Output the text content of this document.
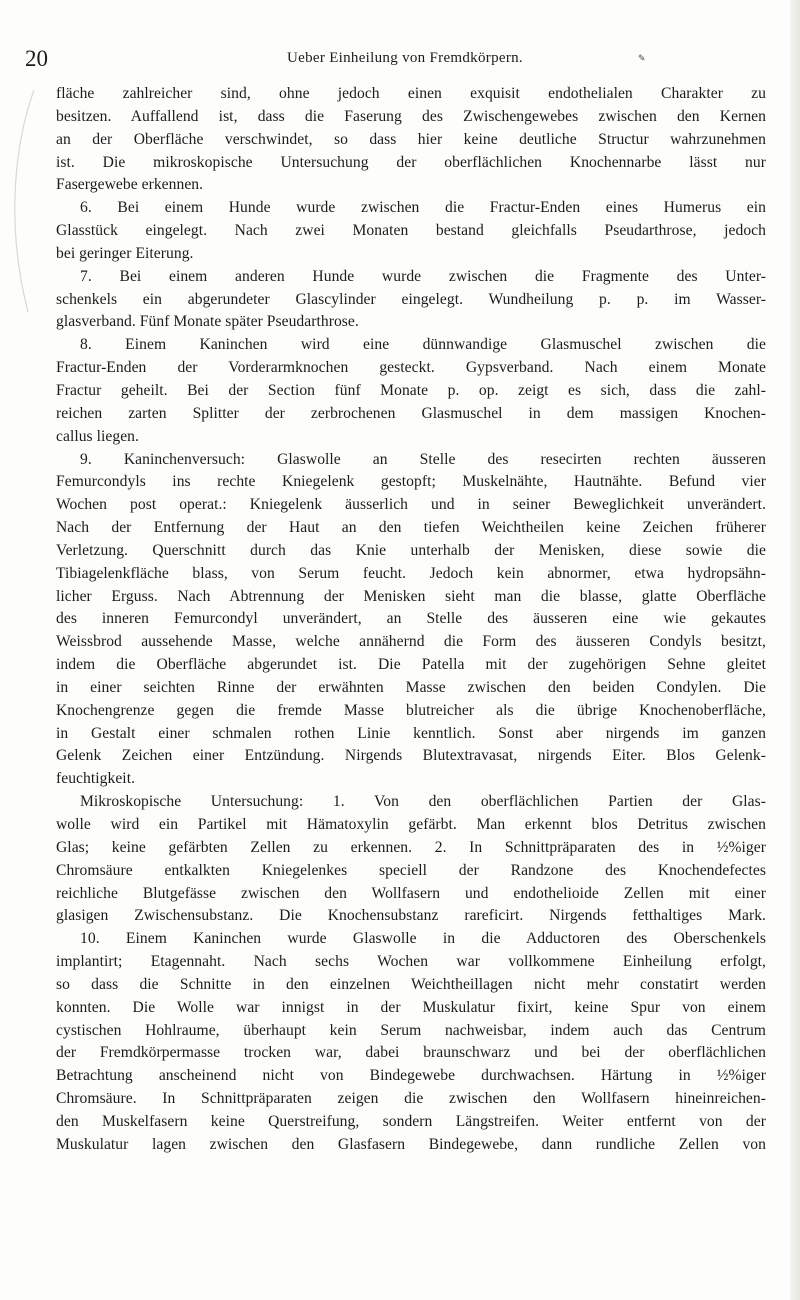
20	Ueber Einheilung von Fremdkörpern.	✎
fläche zahlreicher sind, ohne jedoch einen exquisit endothelialen Charakter zu
besitzen. Auffallend ist, dass die Faserung des Zwischengewebes zwischen den Kernen
an der Oberfläche verschwindet, so dass hier keine deutliche Structur wahrzunehmen
ist. Die mikroskopische Untersuchung der oberflächlichen Knochennarbe lässt nur
Fasergewebe erkennen.
6. Bei einem Hunde wurde zwischen die Fractur-Enden eines Humerus ein
Glasstück eingelegt. Nach zwei Monaten bestand gleichfalls Pseudarthrose, jedoch
bei geringer Eiterung.
7. Bei einem anderen Hunde wurde zwischen die Fragmente des Unter-
schenkels ein abgerundeter Glascylinder eingelegt. Wundheilung p. p. im Wasser-
glasverband. Fünf Monate später Pseudarthrose.
8. Einem Kaninchen wird eine dünnwandige Glasmuschel zwischen die
Fractur-Enden der Vorderarmknochen gesteckt. Gypsverband. Nach einem Monate
Fractur geheilt. Bei der Section fünf Monate p. op. zeigt es sich, dass die zahl-
reichen zarten Splitter der zerbrochenen Glasmuschel in dem massigen Knochen-
callus liegen.
9. Kaninchenversuch: Glaswolle an Stelle des resecirten rechten äusseren
Femurcondyls ins rechte Kniegelenk gestopft; Muskelnähte, Hautnähte. Befund vier
Wochen post operat.: Kniegelenk äusserlich und in seiner Beweglichkeit unverändert.
Nach der Entfernung der Haut an den tiefen Weichtheilen keine Zeichen früherer
Verletzung. Querschnitt durch das Knie unterhalb der Menisken, diese sowie die
Tibiagelenkfläche blass, von Serum feucht. Jedoch kein abnormer, etwa hydropsähn-
licher Erguss. Nach Abtrennung der Menisken sieht man die blasse, glatte Oberfläche
des inneren Femurcondyl unverändert, an Stelle des äusseren eine wie gekautes
Weissbrod aussehende Masse, welche annähernd die Form des äusseren Condyls besitzt,
indem die Oberfläche abgerundet ist. Die Patella mit der zugehörigen Sehne gleitet
in einer seichten Rinne der erwähnten Masse zwischen den beiden Condylen. Die
Knochengrenze gegen die fremde Masse blutreicher als die übrige Knochenoberfläche,
in Gestalt einer schmalen rothen Linie kenntlich. Sonst aber nirgends im ganzen
Gelenk Zeichen einer Entzündung. Nirgends Blutextravasat, nirgends Eiter. Blos Gelenk-
feuchtigkeit.
Mikroskopische Untersuchung: 1. Von den oberflächlichen Partien der Glas-
wolle wird ein Partikel mit Hämatoxylin gefärbt. Man erkennt blos Detritus zwischen
Glas; keine gefärbten Zellen zu erkennen. 2. In Schnittpräparaten des in ½%iger
Chromsäure entkalkten Kniegelenkes speciell der Randzone des Knochendefectes
reichliche Blutgefässe zwischen den Wollfasern und endothelioide Zellen mit einer
glasigen Zwischensubstanz. Die Knochensubstanz rareficirt. Nirgends fetthaltiges Mark.
10. Einem Kaninchen wurde Glaswolle in die Adductoren des Oberschenkels
implantirt; Etagennaht. Nach sechs Wochen war vollkommene Einheilung erfolgt,
so dass die Schnitte in den einzelnen Weichtheillagen nicht mehr constatirt werden
konnten. Die Wolle war innigst in der Muskulatur fixirt, keine Spur von einem
cystischen Hohlraume, überhaupt kein Serum nachweisbar, indem auch das Centrum
der Fremdkörpermasse trocken war, dabei braunschwarz und bei der oberflächlichen
Betrachtung anscheinend nicht von Bindegewebe durchwachsen. Härtung in ½%iger
Chromsäure. In Schnittpräparaten zeigen die zwischen den Wollfasern hineinreichen-
den Muskelfasern keine Querstreifung, sondern Längstreifen. Weiter entfernt von der
Muskulatur lagen zwischen den Glasfasern Bindegewebe, dann rundliche Zellen von
